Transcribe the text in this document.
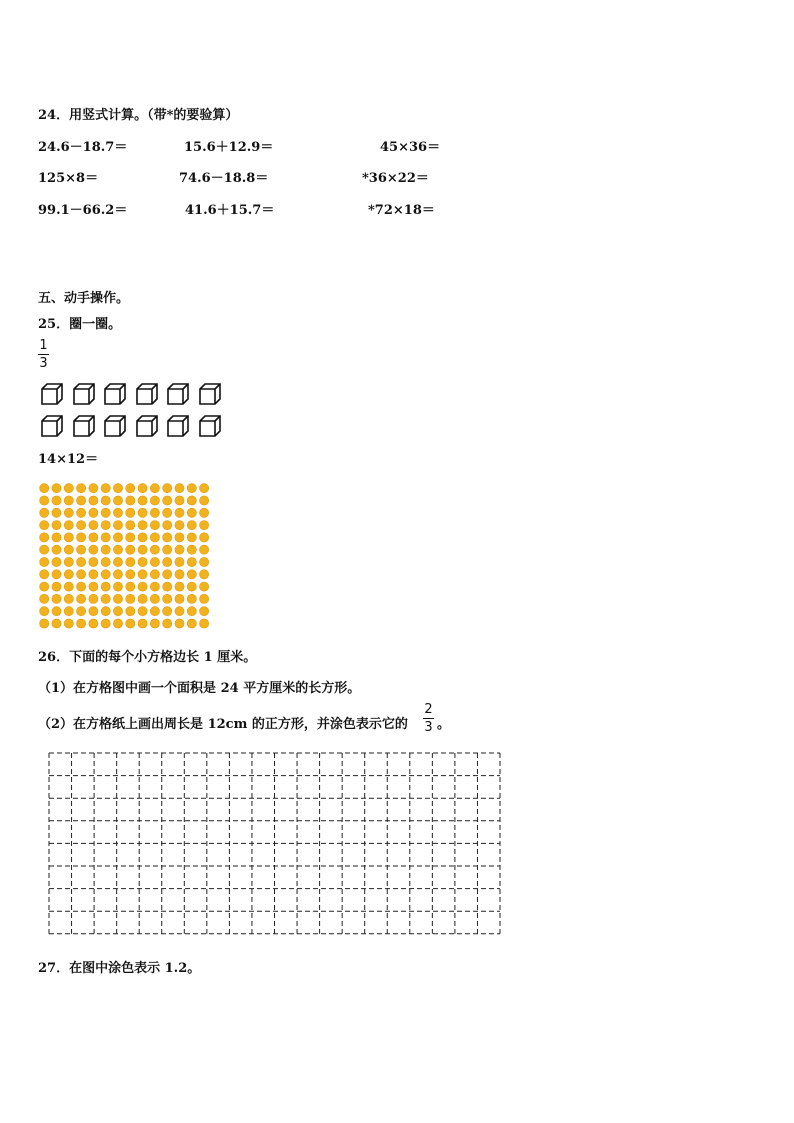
24．用竖式计算。（带*的要验算）
24.6－18.7＝	15.6＋12.9＝	45×36＝
125×8＝	74.6－18.8＝	*36×22＝
99.1－66.2＝	41.6＋15.7＝	*72×18＝
五、动手操作。
25．圈一圈。
1
3
14×12＝
26．下面的每个小方格边长 1 厘米。
（1）在方格图中画一个面积是 24 平方厘米的长方形。
（2）在方格纸上画出周长是 12cm 的正方形，并涂色表示它的
2
3 。
27．在图中涂色表示 1.2。
